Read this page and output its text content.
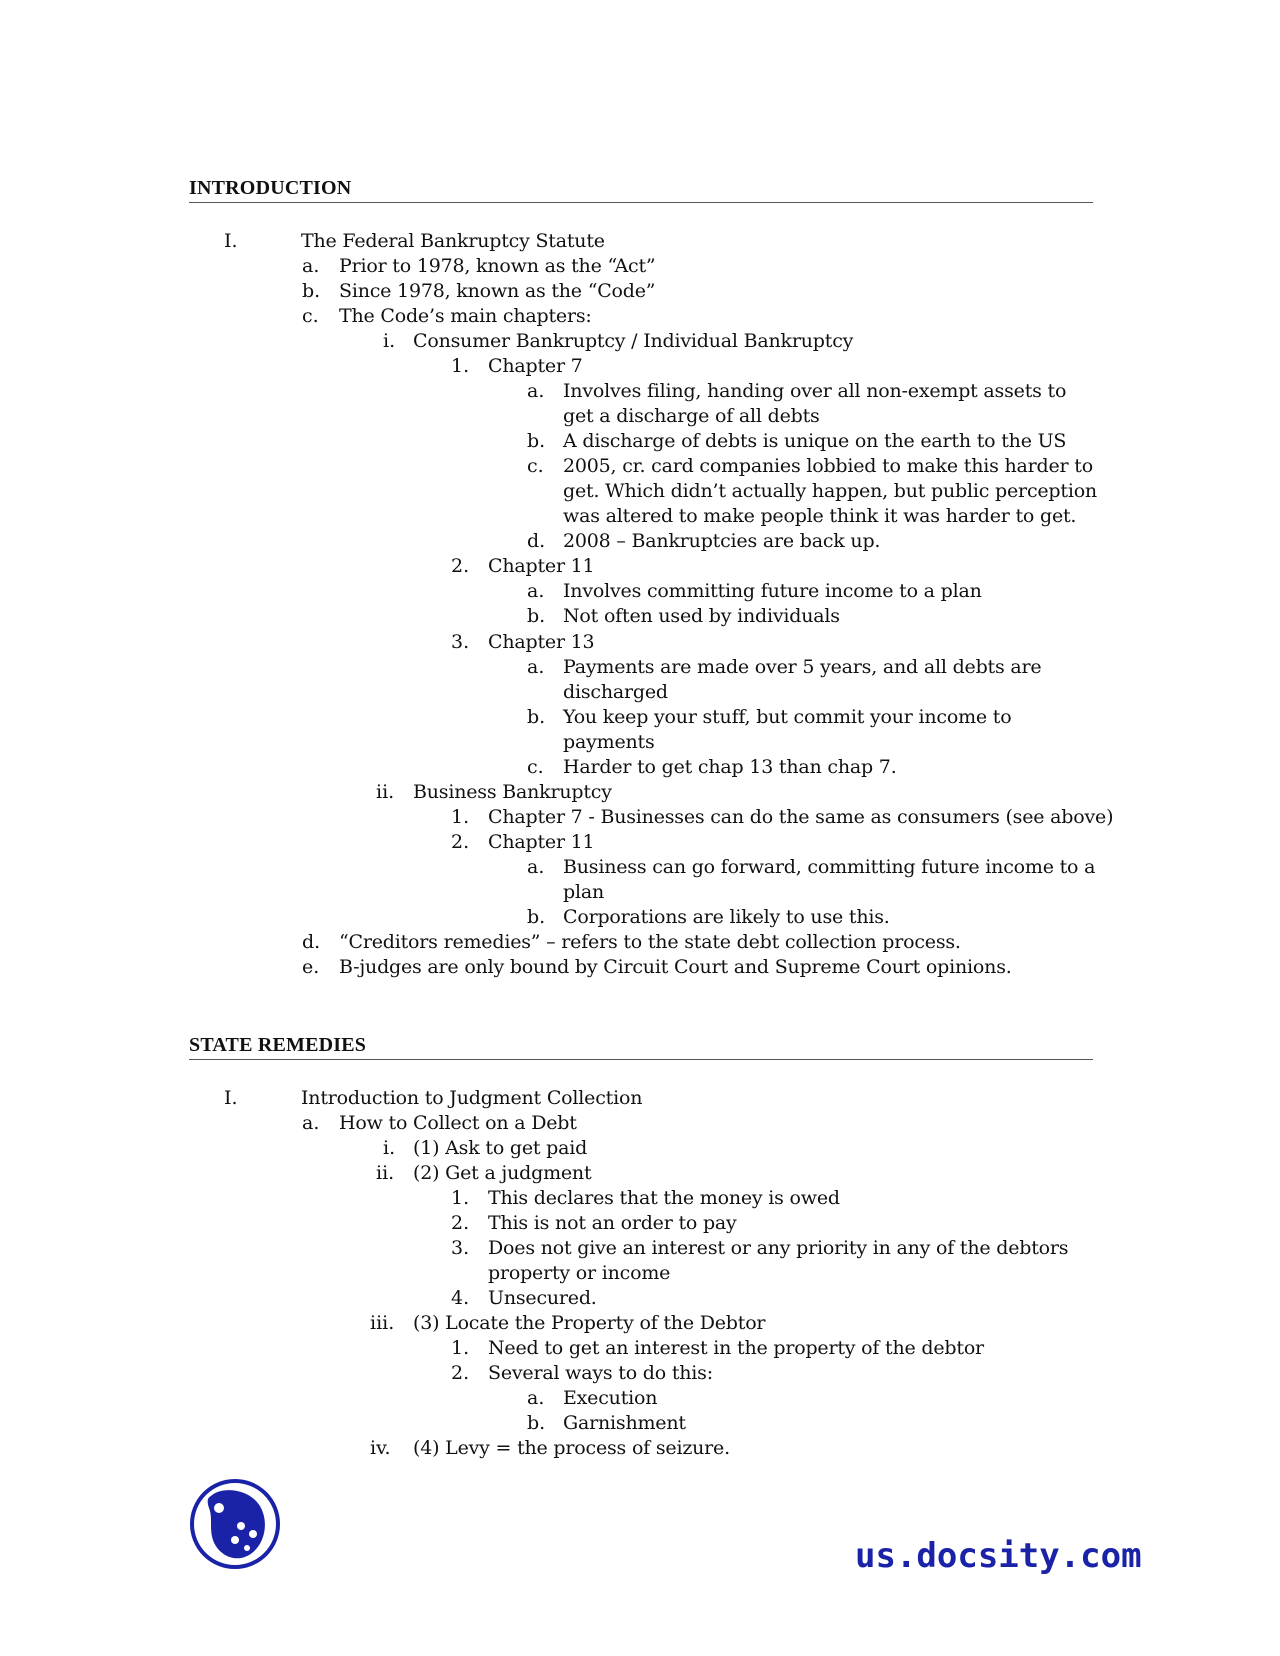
INTRODUCTION
I.	The Federal Bankruptcy Statute
a. Prior to 1978, known as the “Act”
b. Since 1978, known as the “Code”
c. The Code’s main chapters:
i. Consumer Bankruptcy / Individual Bankruptcy
1. Chapter 7
a. Involves filing, handing over all non-exempt assets to
get a discharge of all debts
b. A discharge of debts is unique on the earth to the US
c. 2005, cr. card companies lobbied to make this harder to
get. Which didn’t actually happen, but public perception
was altered to make people think it was harder to get.
d. 2008 – Bankruptcies are back up.
2. Chapter 11
a. Involves committing future income to a plan
b. Not often used by individuals
3. Chapter 13
a. Payments are made over 5 years, and all debts are
discharged
b. You keep your stuff, but commit your income to
payments
c. Harder to get chap 13 than chap 7.
ii. Business Bankruptcy
1. Chapter 7 - Businesses can do the same as consumers (see above)
2. Chapter 11
a. Business can go forward, committing future income to a
plan
b. Corporations are likely to use this.
d. “Creditors remedies” – refers to the state debt collection process.
e. B-judges are only bound by Circuit Court and Supreme Court opinions.
STATE REMEDIES
I.	Introduction to Judgment Collection
a. How to Collect on a Debt
i. (1) Ask to get paid
ii. (2) Get a judgment
1. This declares that the money is owed
2. This is not an order to pay
3. Does not give an interest or any priority in any of the debtors
property or income
4. Unsecured.
iii. (3) Locate the Property of the Debtor
1. Need to get an interest in the property of the debtor
2. Several ways to do this:
a. Execution
b. Garnishment
iv. (4) Levy = the process of seizure.
us.docsity.com
